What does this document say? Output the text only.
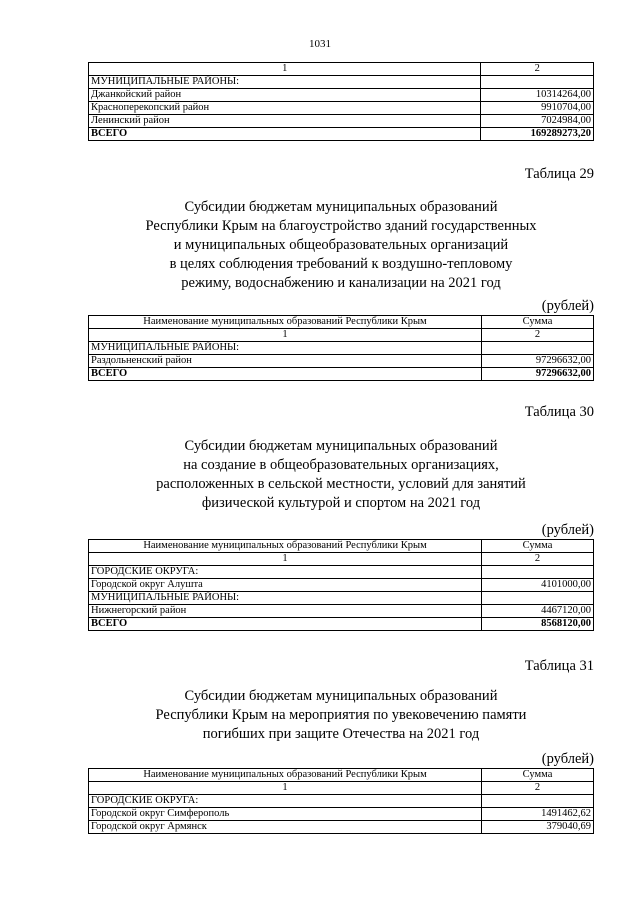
1031
1	2
МУНИЦИПАЛЬНЫЕ РАЙОНЫ:	
Джанкойский район	10314264,00
Красноперекопский район	9910704,00
Ленинский район	7024984,00
ВСЕГО	169289273,20
Таблица 29
Субсидии бюджетам муниципальных образований
Республики Крым на благоустройство зданий государственных
и муниципальных общеобразовательных организаций
в целях соблюдения требований к воздушно-тепловому
режиму, водоснабжению и канализации на 2021 год
(рублей)
Наименование муниципальных образований Республики Крым	Сумма
1	2
МУНИЦИПАЛЬНЫЕ РАЙОНЫ:	
Раздольненский район	97296632,00
ВСЕГО	97296632,00
Таблица 30
Субсидии бюджетам муниципальных образований
на создание в общеобразовательных организациях,
расположенных в сельской местности, условий для занятий
физической культурой и спортом на 2021 год
(рублей)
Наименование муниципальных образований Республики Крым	Сумма
1	2
ГОРОДСКИЕ ОКРУГА:	
Городской округ Алушта	4101000,00
МУНИЦИПАЛЬНЫЕ РАЙОНЫ:	
Нижнегорский район	4467120,00
ВСЕГО	8568120,00
Таблица 31
Субсидии бюджетам муниципальных образований
Республики Крым на мероприятия по увековечению памяти
погибших при защите Отечества на 2021 год
(рублей)
Наименование муниципальных образований Республики Крым	Сумма
1	2
ГОРОДСКИЕ ОКРУГА:	
Городской округ Симферополь	1491462,62
Городской округ Армянск	379040,69
